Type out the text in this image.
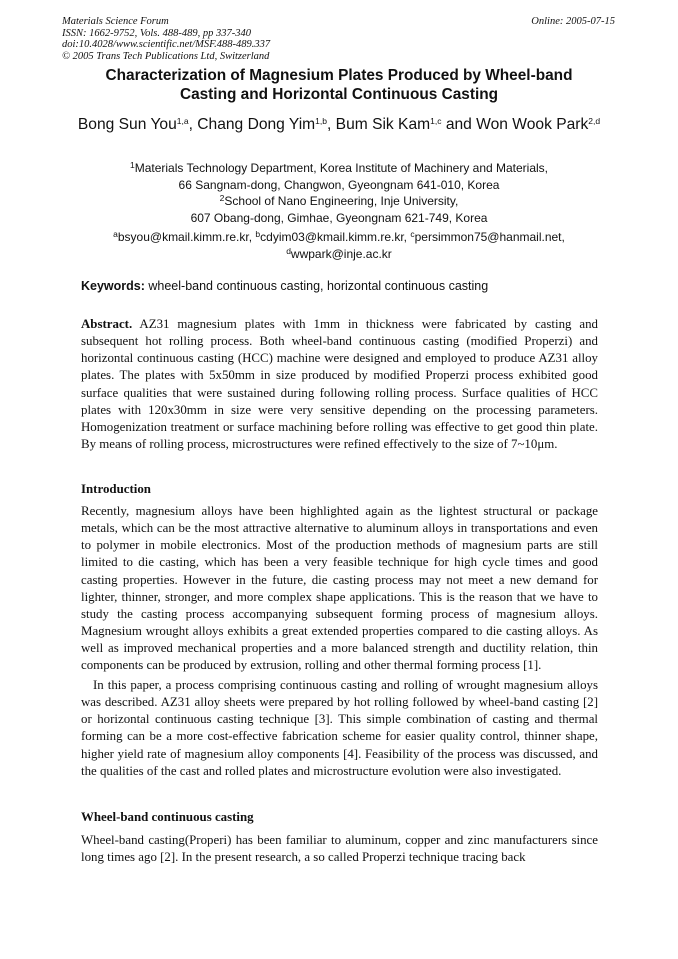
Materials Science Forum
ISSN: 1662-9752, Vols. 488-489, pp 337-340
doi:10.4028/www.scientific.net/MSF.488-489.337
© 2005 Trans Tech Publications Ltd, Switzerland
Online: 2005-07-15
Characterization of Magnesium Plates Produced by Wheel-band
Casting and Horizontal Continuous Casting
Bong Sun You$^{1,a}$, Chang Dong Yim$^{1,b}$, Bum Sik Kam$^{1,c}$ and Won Wook Park$^{2,d}$
$^1$Materials Technology Department, Korea Institute of Machinery and Materials,
66 Sangnam-dong, Changwon, Gyeongnam 641-010, Korea
$^2$School of Nano Engineering, Inje University,
607 Obang-dong, Gimhae, Gyeongnam 621-749, Korea
$^a$bsyou@kmail.kimm.re.kr, $^b$cdyim03@kmail.kimm.re.kr, $^c$persimmon75@hanmail.net,
$^d$wwpark@inje.ac.kr
Keywords: wheel-band continuous casting, horizontal continuous casting
Abstract. AZ31 magnesium plates with 1mm in thickness were fabricated by casting and subsequent hot rolling process. Both wheel-band continuous casting (modified Properzi) and horizontal continuous casting (HCC) machine were designed and employed to produce AZ31 alloy plates. The plates with 5x50mm in size produced by modified Properzi process exhibited good surface qualities that were sustained during following rolling process. Surface qualities of HCC plates with 120x30mm in size were very sensitive depending on the processing parameters. Homogenization treatment or surface machining before rolling was effective to get good thin plate. By means of rolling process, microstructures were refined effectively to the size of 7~10μm.
Introduction
Recently, magnesium alloys have been highlighted again as the lightest structural or package metals, which can be the most attractive alternative to aluminum alloys in transportations and even to polymer in mobile electronics. Most of the production methods of magnesium parts are still limited to die casting, which has been a very feasible technique for high cycle times and good casting properties. However in the future, die casting process may not meet a new demand for lighter, thinner, stronger, and more complex shape applications. This is the reason that we have to study the casting process accompanying subsequent forming process of magnesium alloys. Magnesium wrought alloys exhibits a great extended properties compared to die casting alloys. As well as improved mechanical properties and a more balanced strength and ductility relation, thin components can be produced by extrusion, rolling and other thermal forming process [1].
In this paper, a process comprising continuous casting and rolling of wrought magnesium alloys was described. AZ31 alloy sheets were prepared by hot rolling followed by wheel-band casting [2] or horizontal continuous casting technique [3]. This simple combination of casting and thermal forming can be a more cost-effective fabrication scheme for easier quality control, thinner shape, higher yield rate of magnesium alloy components [4]. Feasibility of the process was discussed, and the qualities of the cast and rolled plates and microstructure evolution were also investigated.
Wheel-band continuous casting
Wheel-band casting(Properi) has been familiar to aluminum, copper and zinc manufacturers since long times ago [2]. In the present research, a so called Properzi technique tracing back
